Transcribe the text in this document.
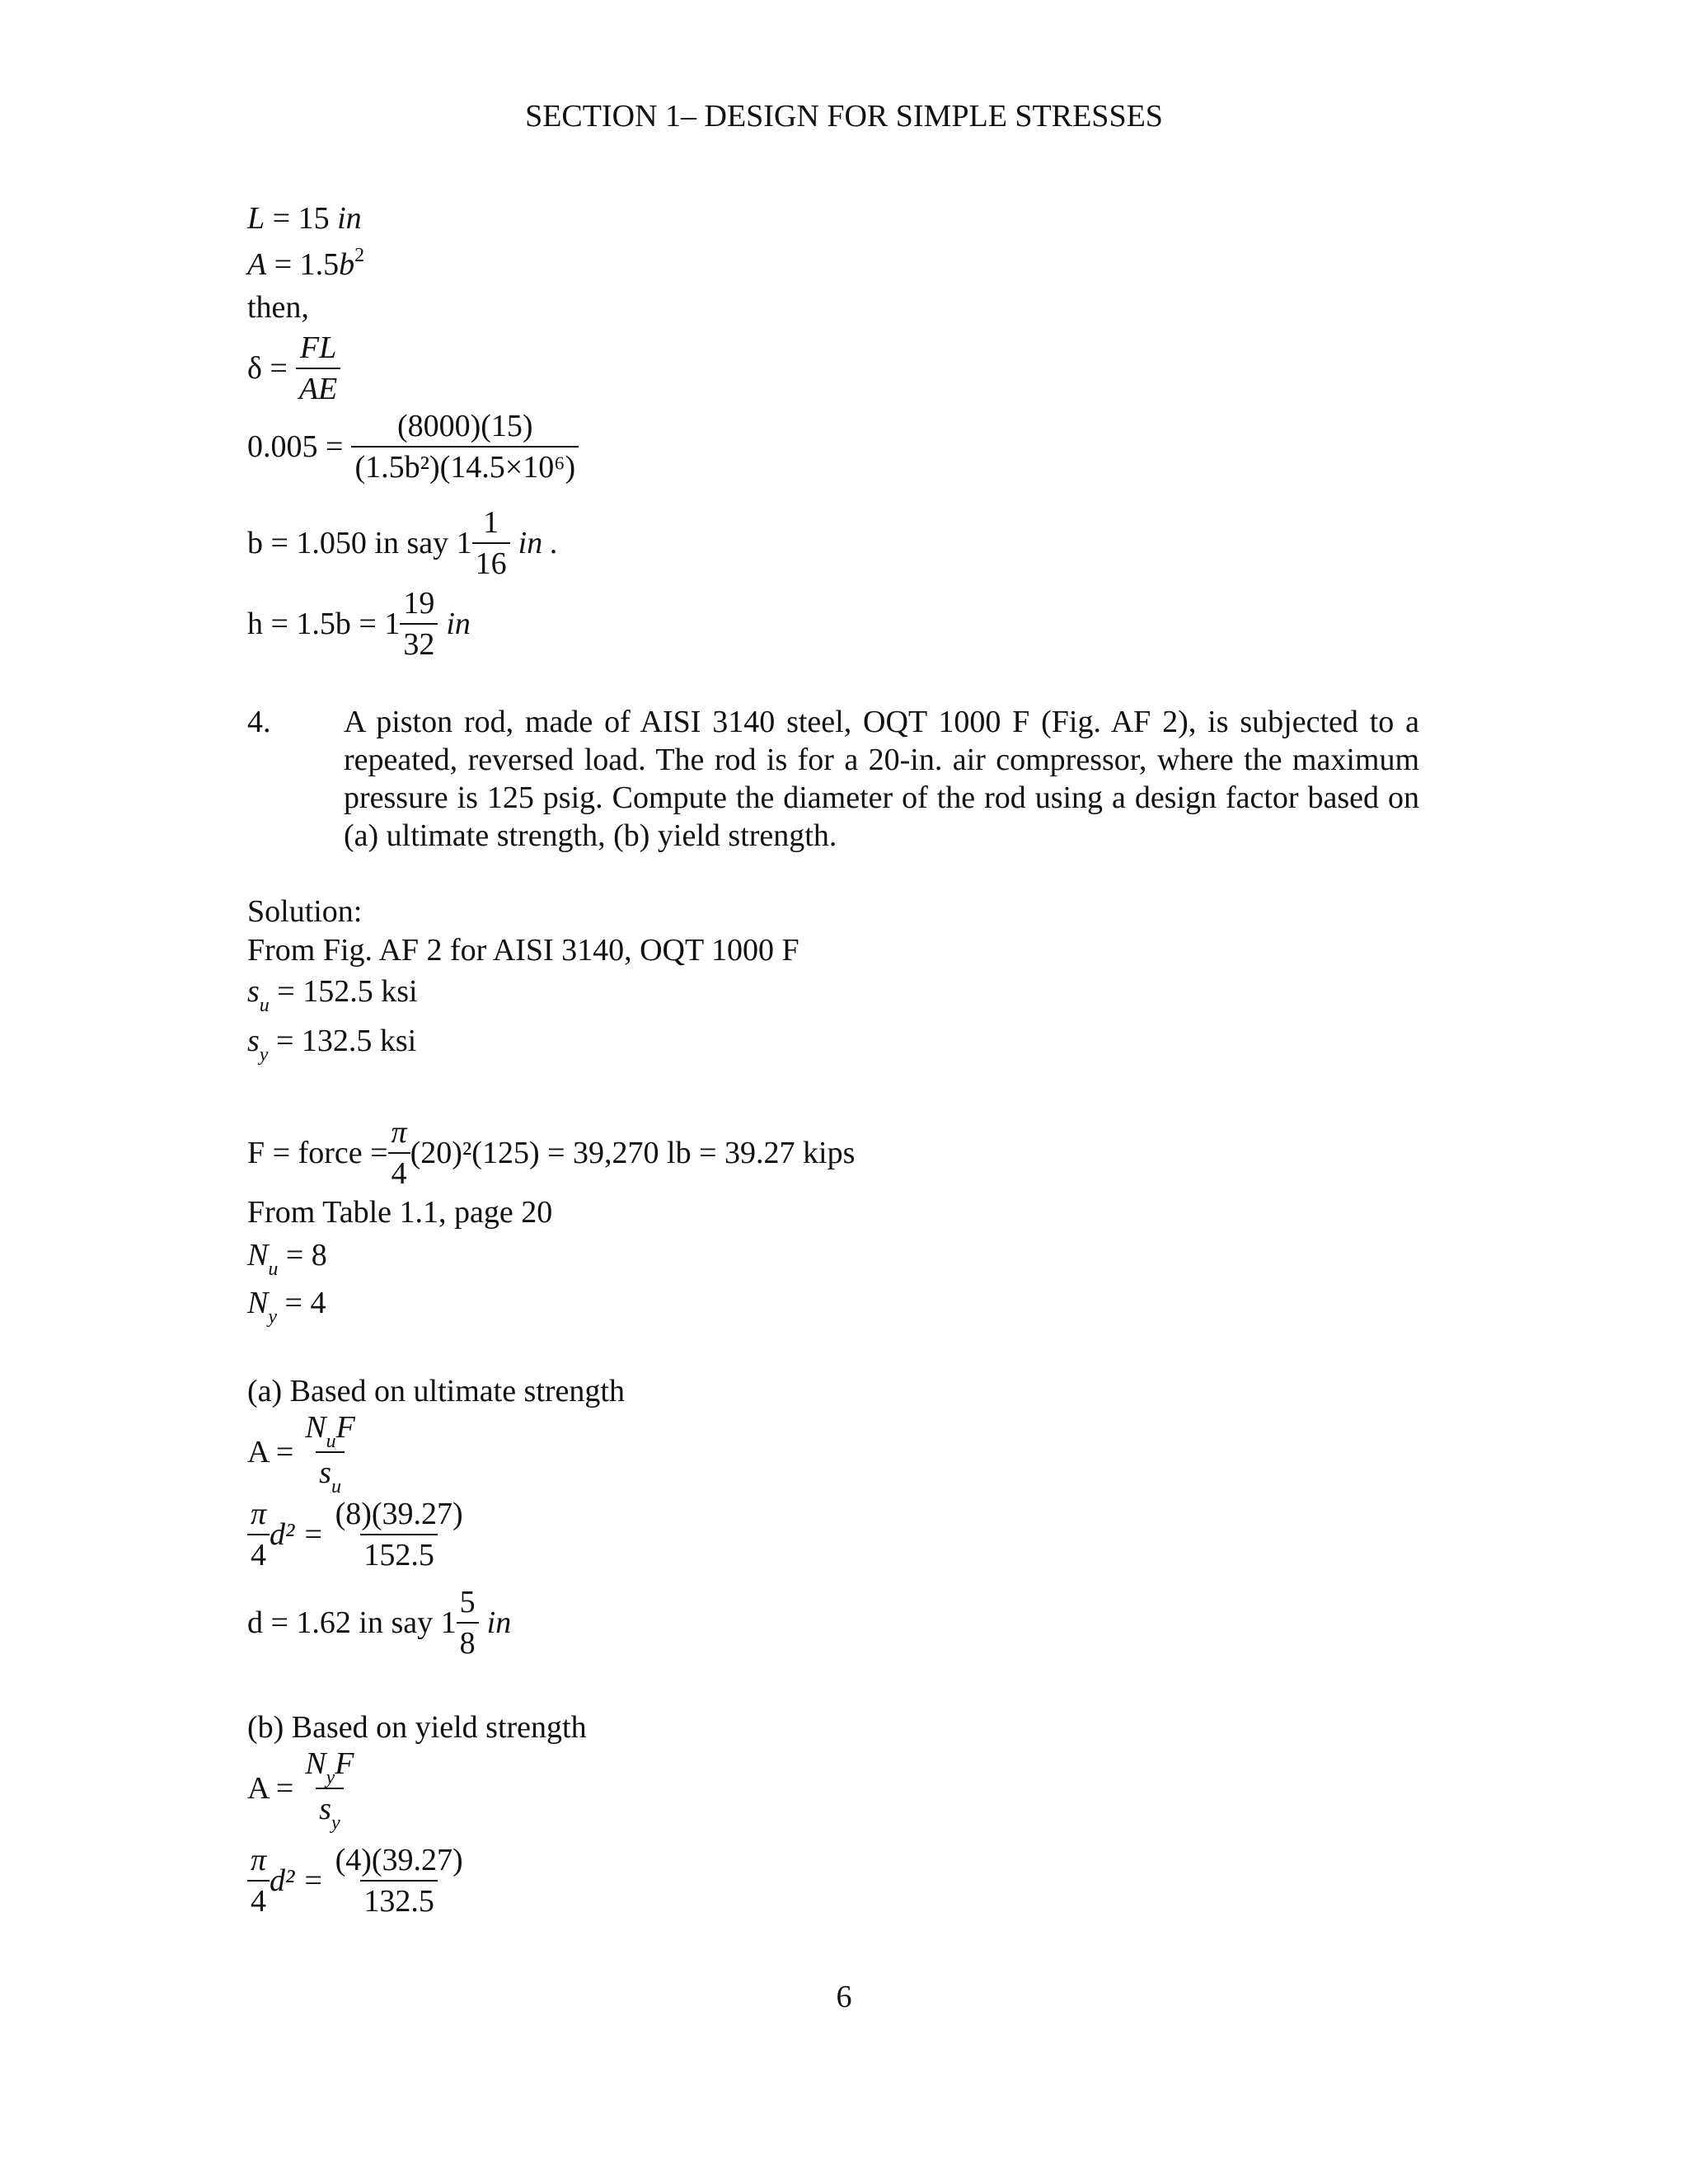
SECTION 1– DESIGN FOR SIMPLE STRESSES
L = 15 in
$A = 1.5b^2$
then,
$\delta = \frac{FL}{AE}$
$0.005 = \frac{(8000)(15)}{\text{(1.5b²)(14.5×10⁶)}}$
b = 1.050 in say $1 \frac{1}{16}$ in .
$h = 1.5b = 1 \frac{19}{32}$ in
4. A piston rod, made of AISI 3140 steel, OQT 1000 F (Fig. AF 2), is subjected to a repeated, reversed load. The rod is for a 20-in. air compressor, where the maximum pressure is 125 psig. Compute the diameter of the rod using a design factor based on (a) ultimate strength, (b) yield strength.
Solution:
From Fig. AF 2 for AISI 3140, OQT 1000 F
$s_u = 152.5$ ksi
$s_y = 132.5$ ksi
F = force = $\frac{\pi}{4} (20)^2(125) = 39,270$ lb = 39.27 kips
From Table 1.1, page 20
$N_u = 8$
$N_y = 4$
(a) Based on ultimate strength
$A = \frac{N_uF}{s_u}$
$\frac{\pi}{4} d^2 = \frac{(8)(39.27)}{152.5}$
d = 1.62 in say $1 \frac{5}{8}$ in
(b) Based on yield strength
$A = \frac{N_yF}{s_y}$
$\frac{\pi}{4} d^2 = \frac{(4)(39.27)}{132.5}$
6
